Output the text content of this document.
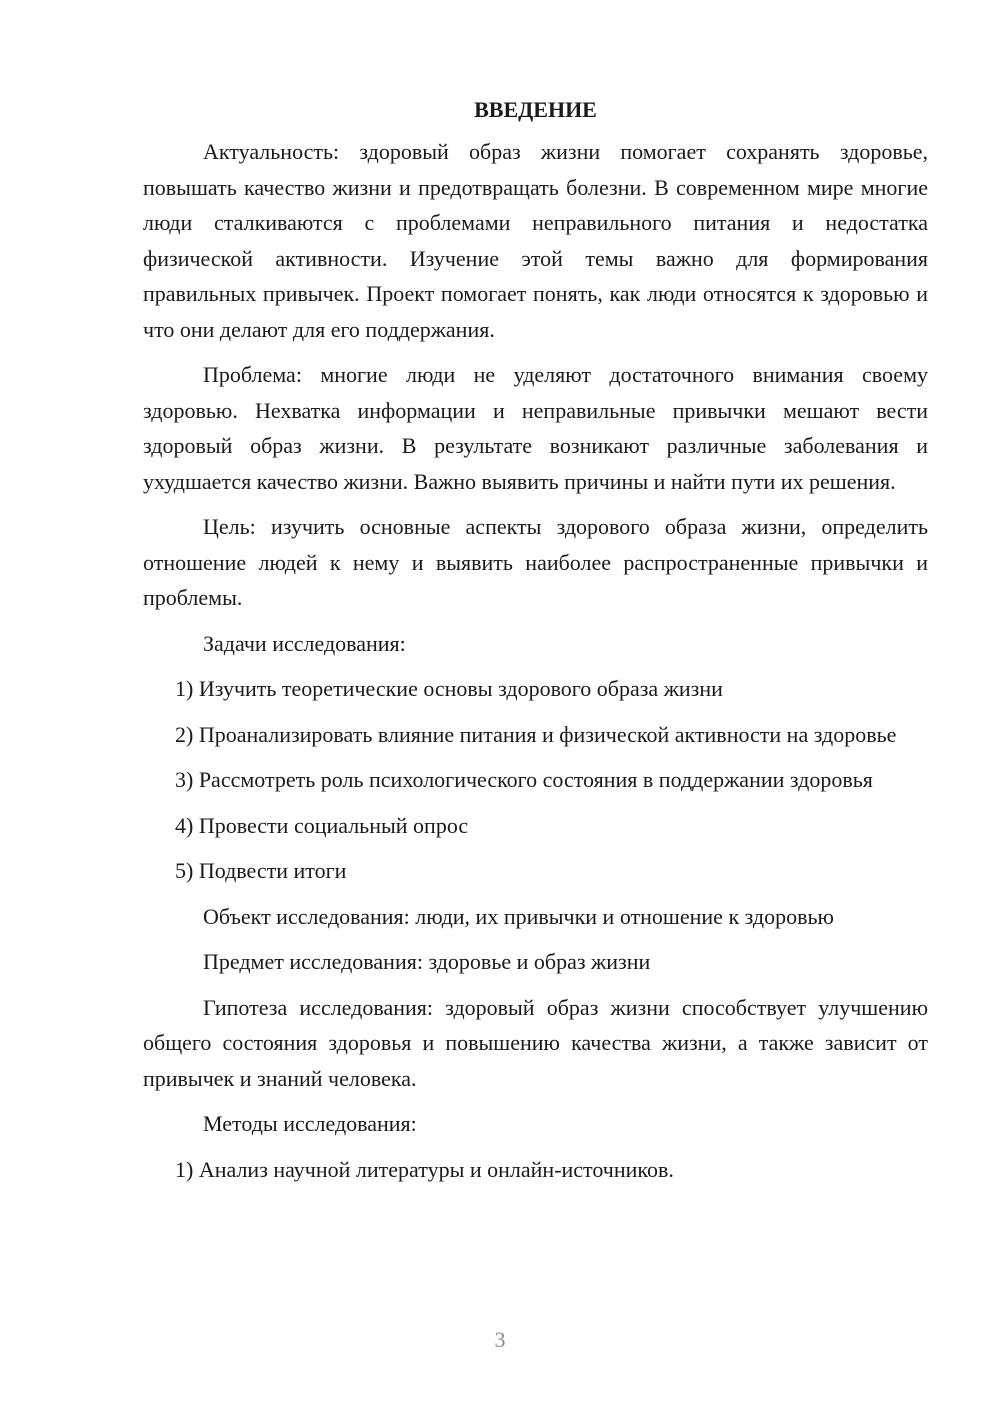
ВВЕДЕНИЕ

Актуальность: здоровый образ жизни помогает сохранять здоровье, повышать качество жизни и предотвращать болезни. В современном мире многие люди сталкиваются с проблемами неправильного питания и недостатка физической активности. Изучение этой темы важно для формирования правильных привычек. Проект помогает понять, как люди относятся к здоровью и что они делают для его поддержания.

Проблема: многие люди не уделяют достаточного внимания своему здоровью. Нехватка информации и неправильные привычки мешают вести здоровый образ жизни. В результате возникают различные заболевания и ухудшается качество жизни. Важно выявить причины и найти пути их решения.

Цель: изучить основные аспекты здорового образа жизни, определить отношение людей к нему и выявить наиболее распространенные привычки и проблемы.

Задачи исследования:

1) Изучить теоретические основы здорового образа жизни

2) Проанализировать влияние питания и физической активности на здоровье

3) Рассмотреть роль психологического состояния в поддержании здоровья

4) Провести социальный опрос

5) Подвести итоги

Объект исследования: люди, их привычки и отношение к здоровью

Предмет исследования: здоровье и образ жизни

Гипотеза исследования: здоровый образ жизни способствует улучшению общего состояния здоровья и повышению качества жизни, а также зависит от привычек и знаний человека.

Методы исследования:

1) Анализ научной литературы и онлайн-источников.

3
